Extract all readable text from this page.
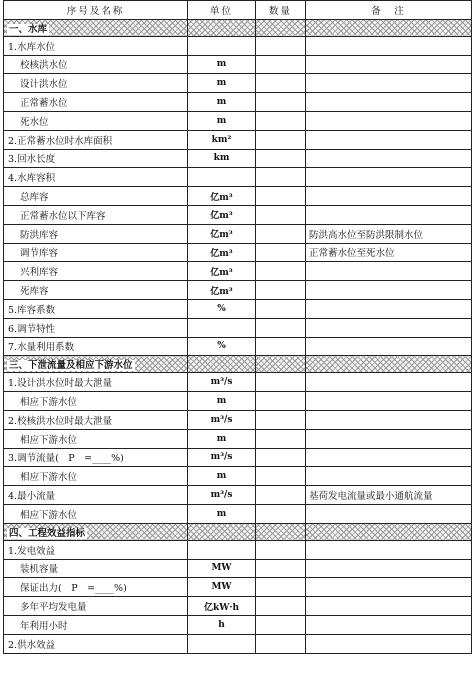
序号及名称	单位	数量	备　注
一、水库			
1.水库水位			
校核洪水位	m		
设计洪水位	m		
正常蓄水位	m		
死水位	m		
2.正常蓄水位时水库面积	km²		
3.回水长度	km		
4.水库容积			
总库容	亿m³		
正常蓄水位以下库容	亿m³		
防洪库容	亿m³		防洪高水位至防洪限制水位
调节库容	亿m³		正常蓄水位至死水位
兴利库容	亿m³		
死库容	亿m³		
5.库容系数	%		
6.调节特性			
7.水量利用系数	%		
三、下泄流量及相应下游水位			
1.设计洪水位时最大泄量	m³/s		
相应下游水位	m		
2.校核洪水位时最大泄量	m³/s		
相应下游水位	m		
3.调节流量(　P　=____%)	m³/s		
相应下游水位	m		
4.最小流量	m³/s		基荷发电流量或最小通航流量
相应下游水位	m		
四、工程效益指标			
1.发电效益			
装机容量	MW		
保证出力(　P　=____%)	MW		
多年平均发电量	亿kW·h		
年利用小时	h		
2.供水效益			
